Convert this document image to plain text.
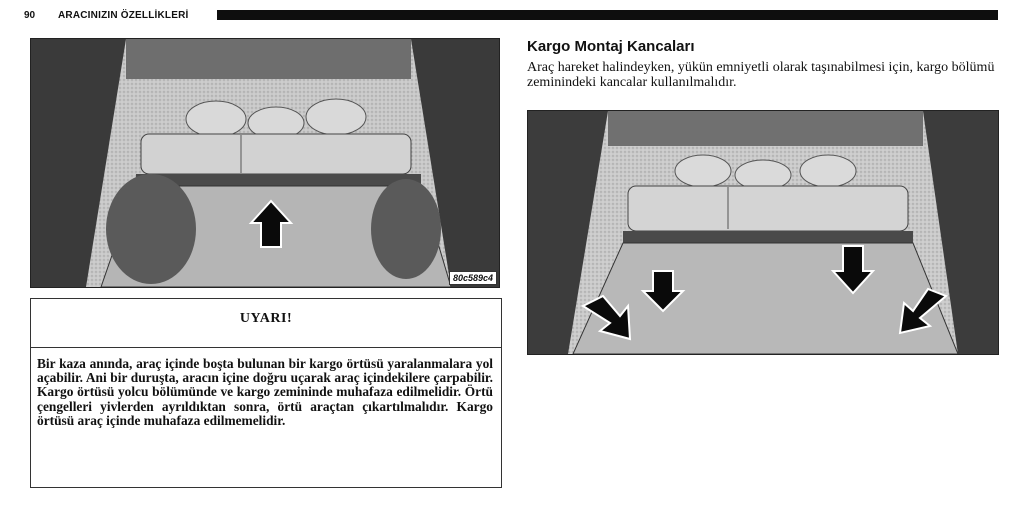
90 ARACINIZIN ÖZELLİKLERİ
80c589c4
UYARI!
Bir kaza anında, araç içinde boşta bulunan bir kargo örtüsü yaralanmalara yol açabilir. Ani bir duruşta, aracın içine doğru uçarak araç içindekilere çarpabilir. Kargo örtüsü yolcu bölümünde ve kargo zemininde muhafaza edilmelidir. Örtü çengelleri yivlerden ayrıldıktan sonra, örtü araçtan çıkartılmalıdır. Kargo örtüsü araç içinde muhafaza edilmemelidir.
Kargo Montaj Kancaları
Araç hareket halindeyken, yükün emniyetli olarak taşınabilmesi için, kargo bölümü zeminindeki kancalar kullanılmalıdır.
